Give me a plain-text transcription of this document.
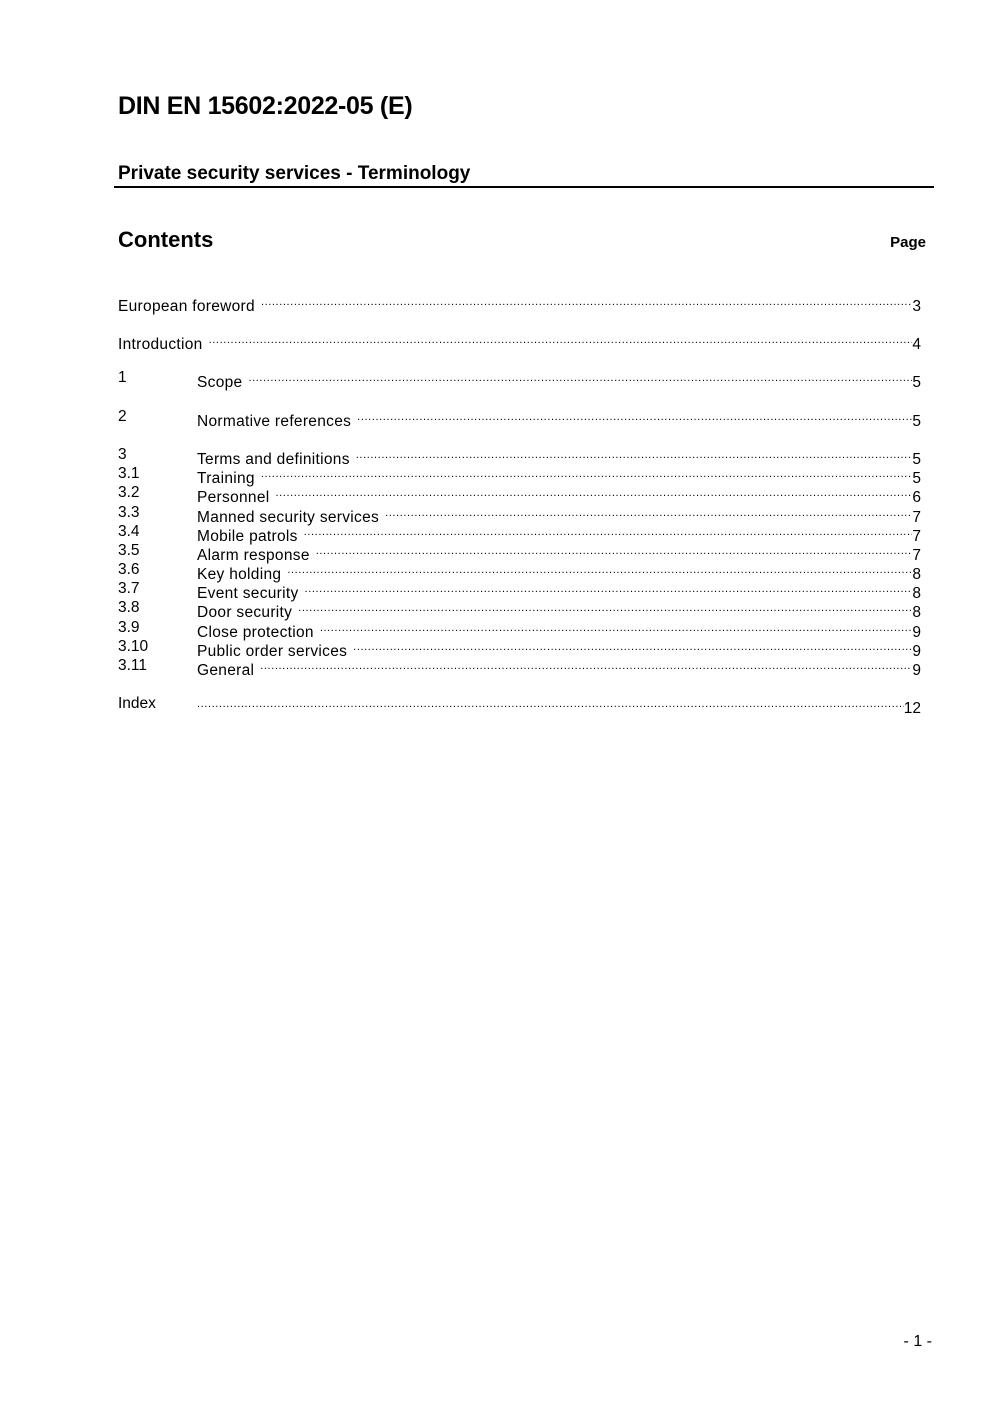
DIN EN 15602:2022-05 (E)
Private security services - Terminology
Contents	Page
European foreword .....	3
Introduction .....	4
1	Scope .....	5
2	Normative references .....	5
3	Terms and definitions .....	5
3.1	Training .....	5
3.2	Personnel .....	6
3.3	Manned security services .....	7
3.4	Mobile patrols .....	7
3.5	Alarm response .....	7
3.6	Key holding .....	8
3.7	Event security .....	8
3.8	Door security .....	8
3.9	Close protection .....	9
3.10	Public order services .....	9
3.11	General .....	9
Index .....	12
- 1 -
